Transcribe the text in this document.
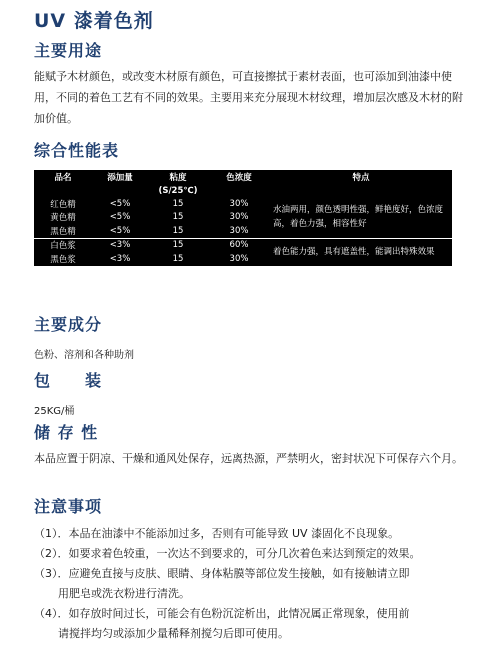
UV 漆着色剂
主要用途
能赋予木材颜色，或改变木材原有颜色，可直接擦拭于素材表面，也可添加到油漆中使用，不同的着色工艺有不同的效果。主要用来充分展现木材纹理，增加层次感及木材的附加价值。
综合性能表
品名	添加量	粘度	色浓度	特点
		(S/25℃)		
红色精	<5%	15	30%	水油两用，颜色透明性强，鲜艳度好，色浓度高，着色力强，相容性好
黄色精	<5%	15	30%	
黑色精	<5%	15	30%	
白色浆	<3%	15	60%	着色能力强，具有遮盖性，能调出特殊效果
黑色浆	<3%	15	30%	
主要成分
色粉、溶剂和各种助剂
包　　装
25KG/桶
储 存 性
本品应置于阴凉、干燥和通风处保存，远离热源，严禁明火，密封状况下可保存六个月。
注意事项
（1）．本品在油漆中不能添加过多，否则有可能导致 UV 漆固化不良现象。
（2）．如要求着色较重，一次达不到要求的，可分几次着色来达到预定的效果。
（3）．应避免直接与皮肤、眼睛、身体粘膜等部位发生接触，如有接触请立即
用肥皂或洗衣粉进行清洗。
（4）．如存放时间过长，可能会有色粉沉淀析出，此情况属正常现象，使用前
请搅拌均匀或添加少量稀释剂搅匀后即可使用。
